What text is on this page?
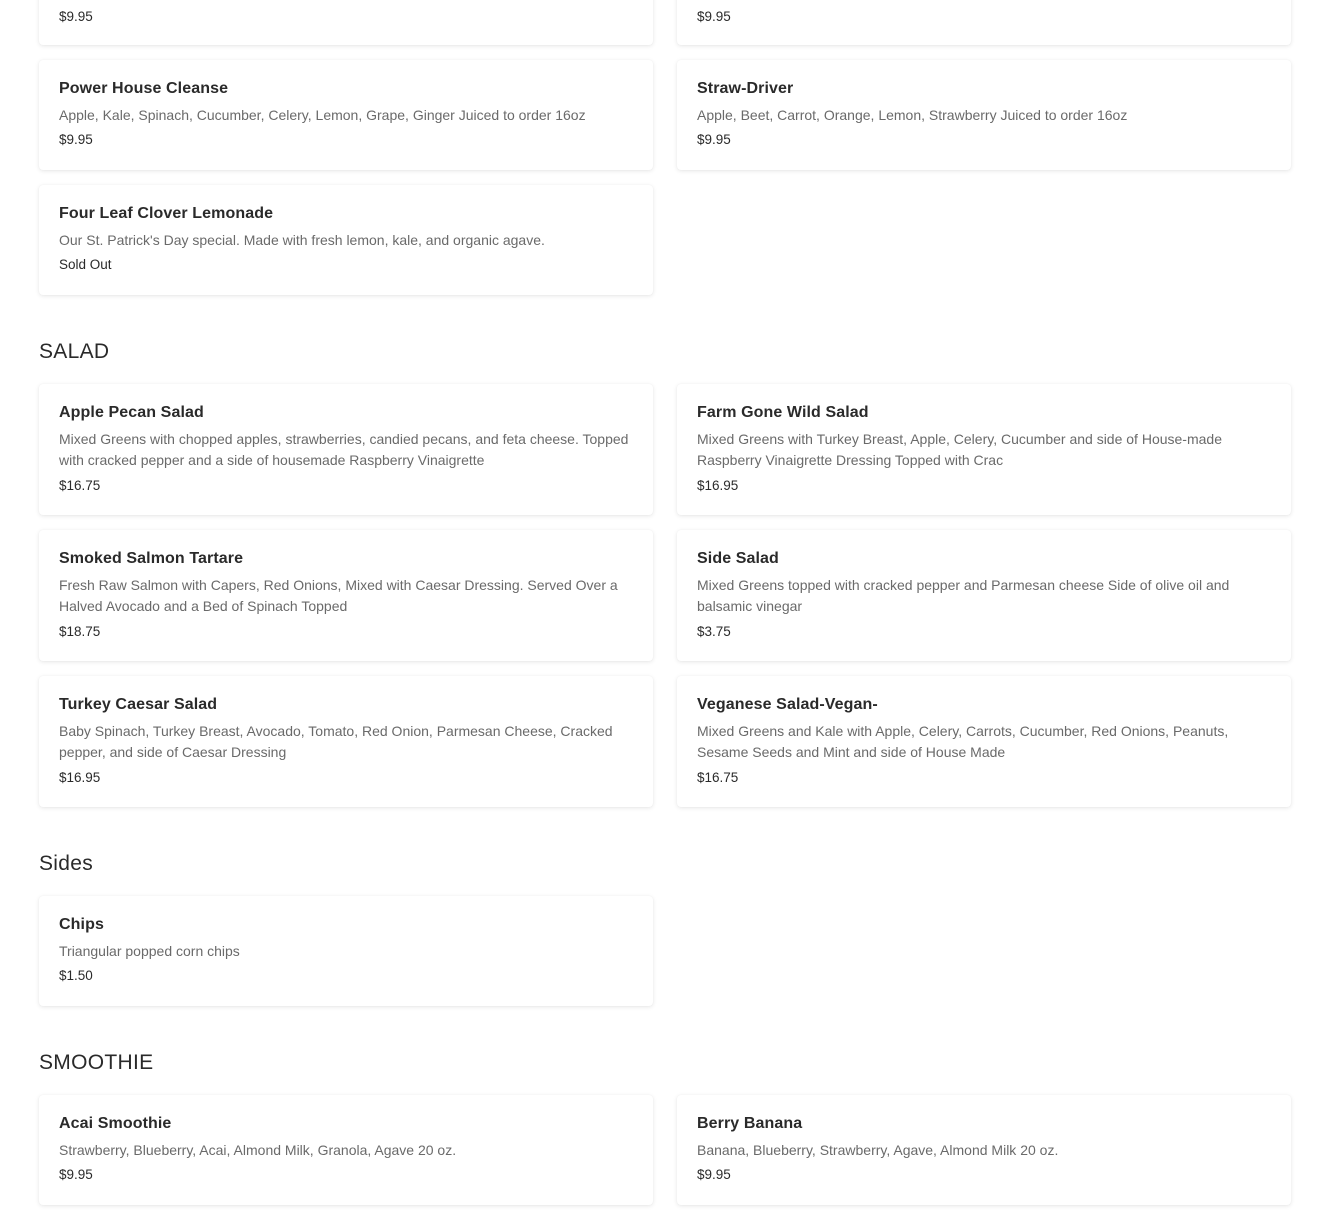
$9.95	$9.95
Power House Cleanse
Apple, Kale, Spinach, Cucumber, Celery, Lemon, Grape, Ginger Juiced to order 16oz
$9.95
Straw-Driver
Apple, Beet, Carrot, Orange, Lemon, Strawberry Juiced to order 16oz
$9.95
Four Leaf Clover Lemonade
Our St. Patrick's Day special. Made with fresh lemon, kale, and organic agave.
Sold Out
SALAD
Apple Pecan Salad
Mixed Greens with chopped apples, strawberries, candied pecans, and feta cheese. Topped with cracked pepper and a side of housemade Raspberry Vinaigrette
$16.75
Farm Gone Wild Salad
Mixed Greens with Turkey Breast, Apple, Celery, Cucumber and side of House-made Raspberry Vinaigrette Dressing Topped with Crac
$16.95
Smoked Salmon Tartare
Fresh Raw Salmon with Capers, Red Onions, Mixed with Caesar Dressing. Served Over a Halved Avocado and a Bed of Spinach Topped
$18.75
Side Salad
Mixed Greens topped with cracked pepper and Parmesan cheese Side of olive oil and balsamic vinegar
$3.75
Turkey Caesar Salad
Baby Spinach, Turkey Breast, Avocado, Tomato, Red Onion, Parmesan Cheese, Cracked pepper, and side of Caesar Dressing
$16.95
Veganese Salad-Vegan-
Mixed Greens and Kale with Apple, Celery, Carrots, Cucumber, Red Onions, Peanuts, Sesame Seeds and Mint and side of House Made
$16.75
Sides
Chips
Triangular popped corn chips
$1.50
SMOOTHIE
Acai Smoothie
Strawberry, Blueberry, Acai, Almond Milk, Granola, Agave 20 oz.
$9.95
Berry Banana
Banana, Blueberry, Strawberry, Agave, Almond Milk 20 oz.
$9.95
